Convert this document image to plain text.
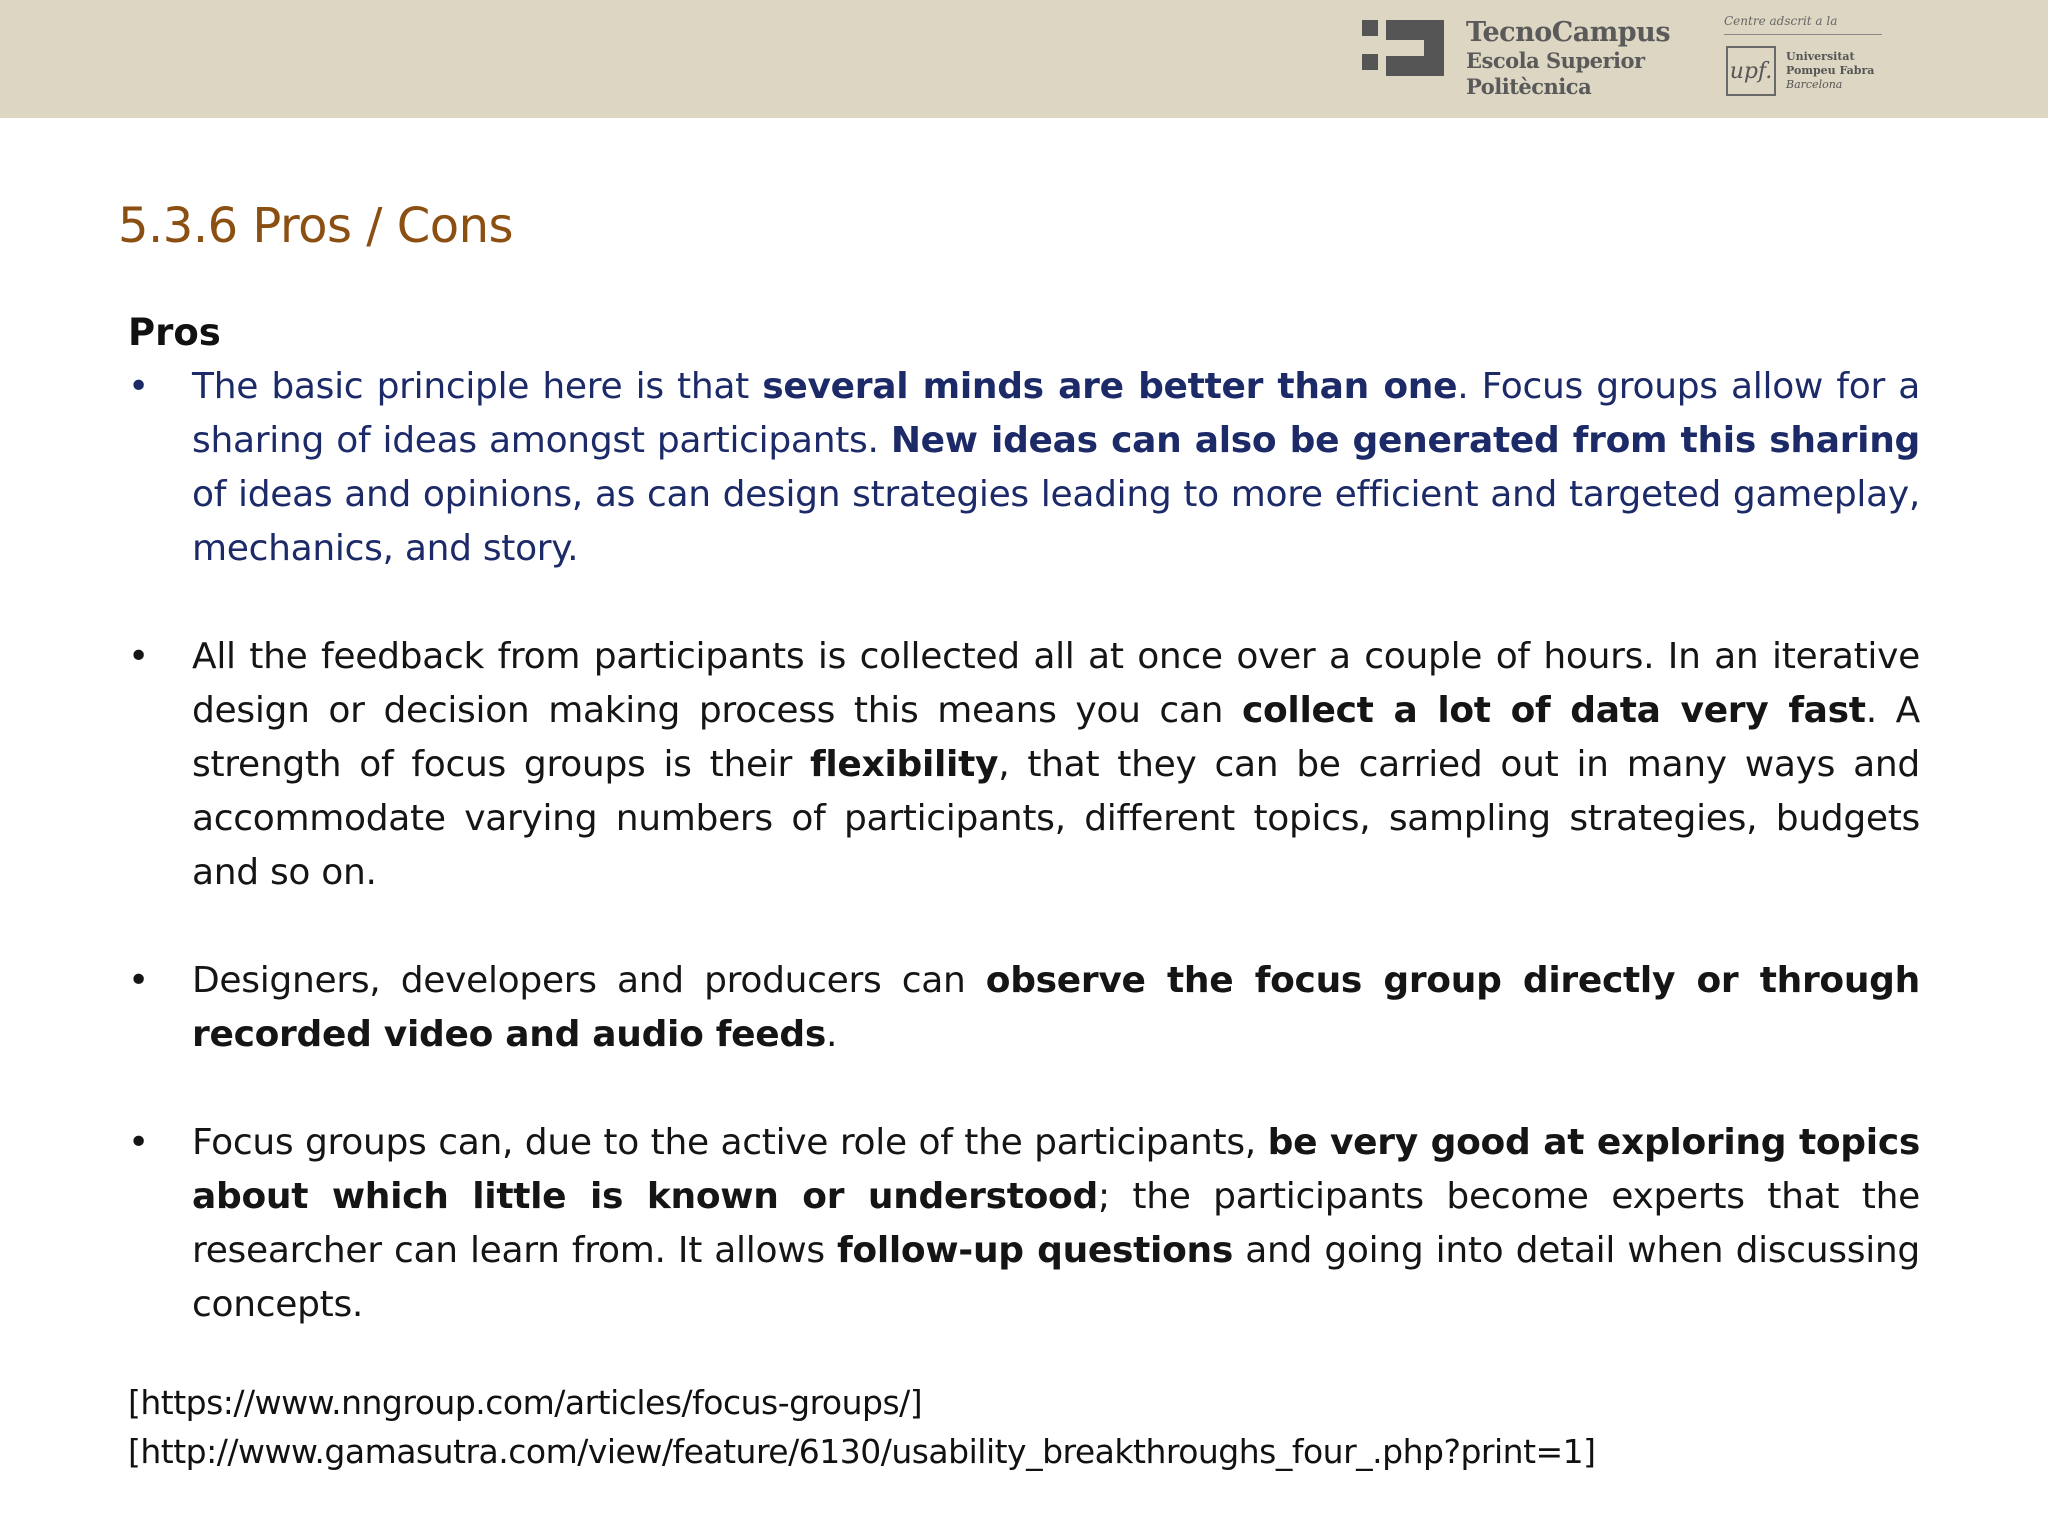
TecnoCampus
Escola Superior
Politècnica
Centre adscrit a la
upf.
Universitat
Pompeu Fabra
Barcelona
5.3.6 Pros / Cons
Pros
• The basic principle here is that several minds are better than one. Focus groups allow for a sharing of ideas amongst participants. New ideas can also be generated from this sharing of ideas and opinions, as can design strategies leading to more efficient and targeted gameplay, mechanics, and story.
• All the feedback from participants is collected all at once over a couple of hours. In an iterative design or decision making process this means you can collect a lot of data very fast. A strength of focus groups is their flexibility, that they can be carried out in many ways and accommodate varying numbers of participants, different topics, sampling strategies, budgets and so on.
• Designers, developers and producers can observe the focus group directly or through recorded video and audio feeds.
• Focus groups can, due to the active role of the participants, be very good at exploring topics about which little is known or understood; the participants become experts that the researcher can learn from. It allows follow-up questions and going into detail when discussing concepts.
[https://www.nngroup.com/articles/focus-groups/]
[http://www.gamasutra.com/view/feature/6130/usability_breakthroughs_four_.php?print=1]
